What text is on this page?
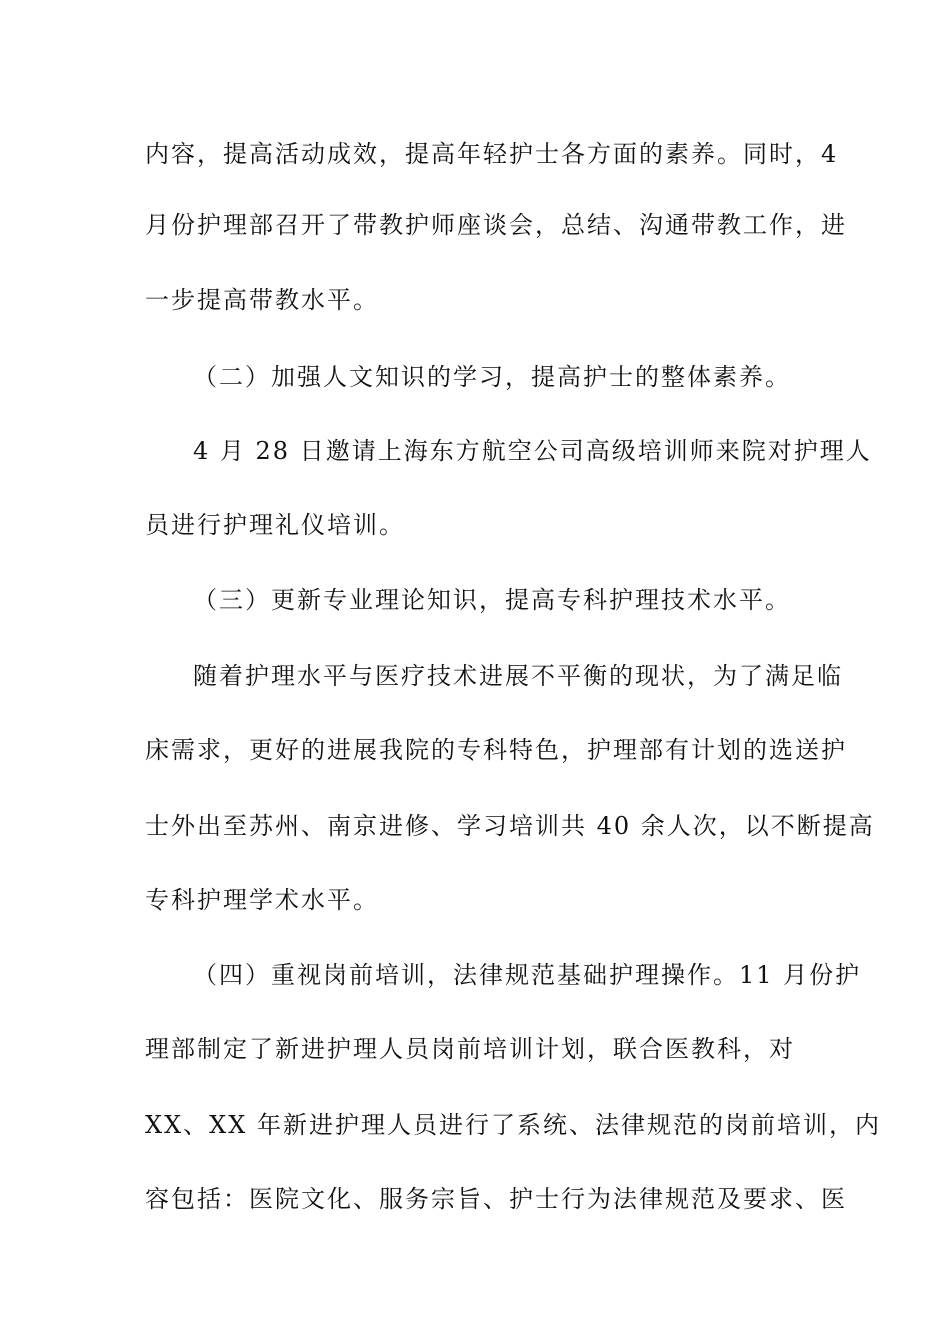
内容，提高活动成效，提高年轻护士各方面的素养。同时，4
月份护理部召开了带教护师座谈会，总结、沟通带教工作，进
一步提高带教水平。
（二）加强人文知识的学习，提高护士的整体素养。
4 月 28 日邀请上海东方航空公司高级培训师来院对护理人
员进行护理礼仪培训。
（三）更新专业理论知识，提高专科护理技术水平。
随着护理水平与医疗技术进展不平衡的现状，为了满足临
床需求，更好的进展我院的专科特色，护理部有计划的选送护
士外出至苏州、南京进修、学习培训共 40 余人次，以不断提高
专科护理学术水平。
（四）重视岗前培训，法律规范基础护理操作。11 月份护
理部制定了新进护理人员岗前培训计划，联合医教科，对
XX、XX 年新进护理人员进行了系统、法律规范的岗前培训，内
容包括：医院文化、服务宗旨、护士行为法律规范及要求、医
